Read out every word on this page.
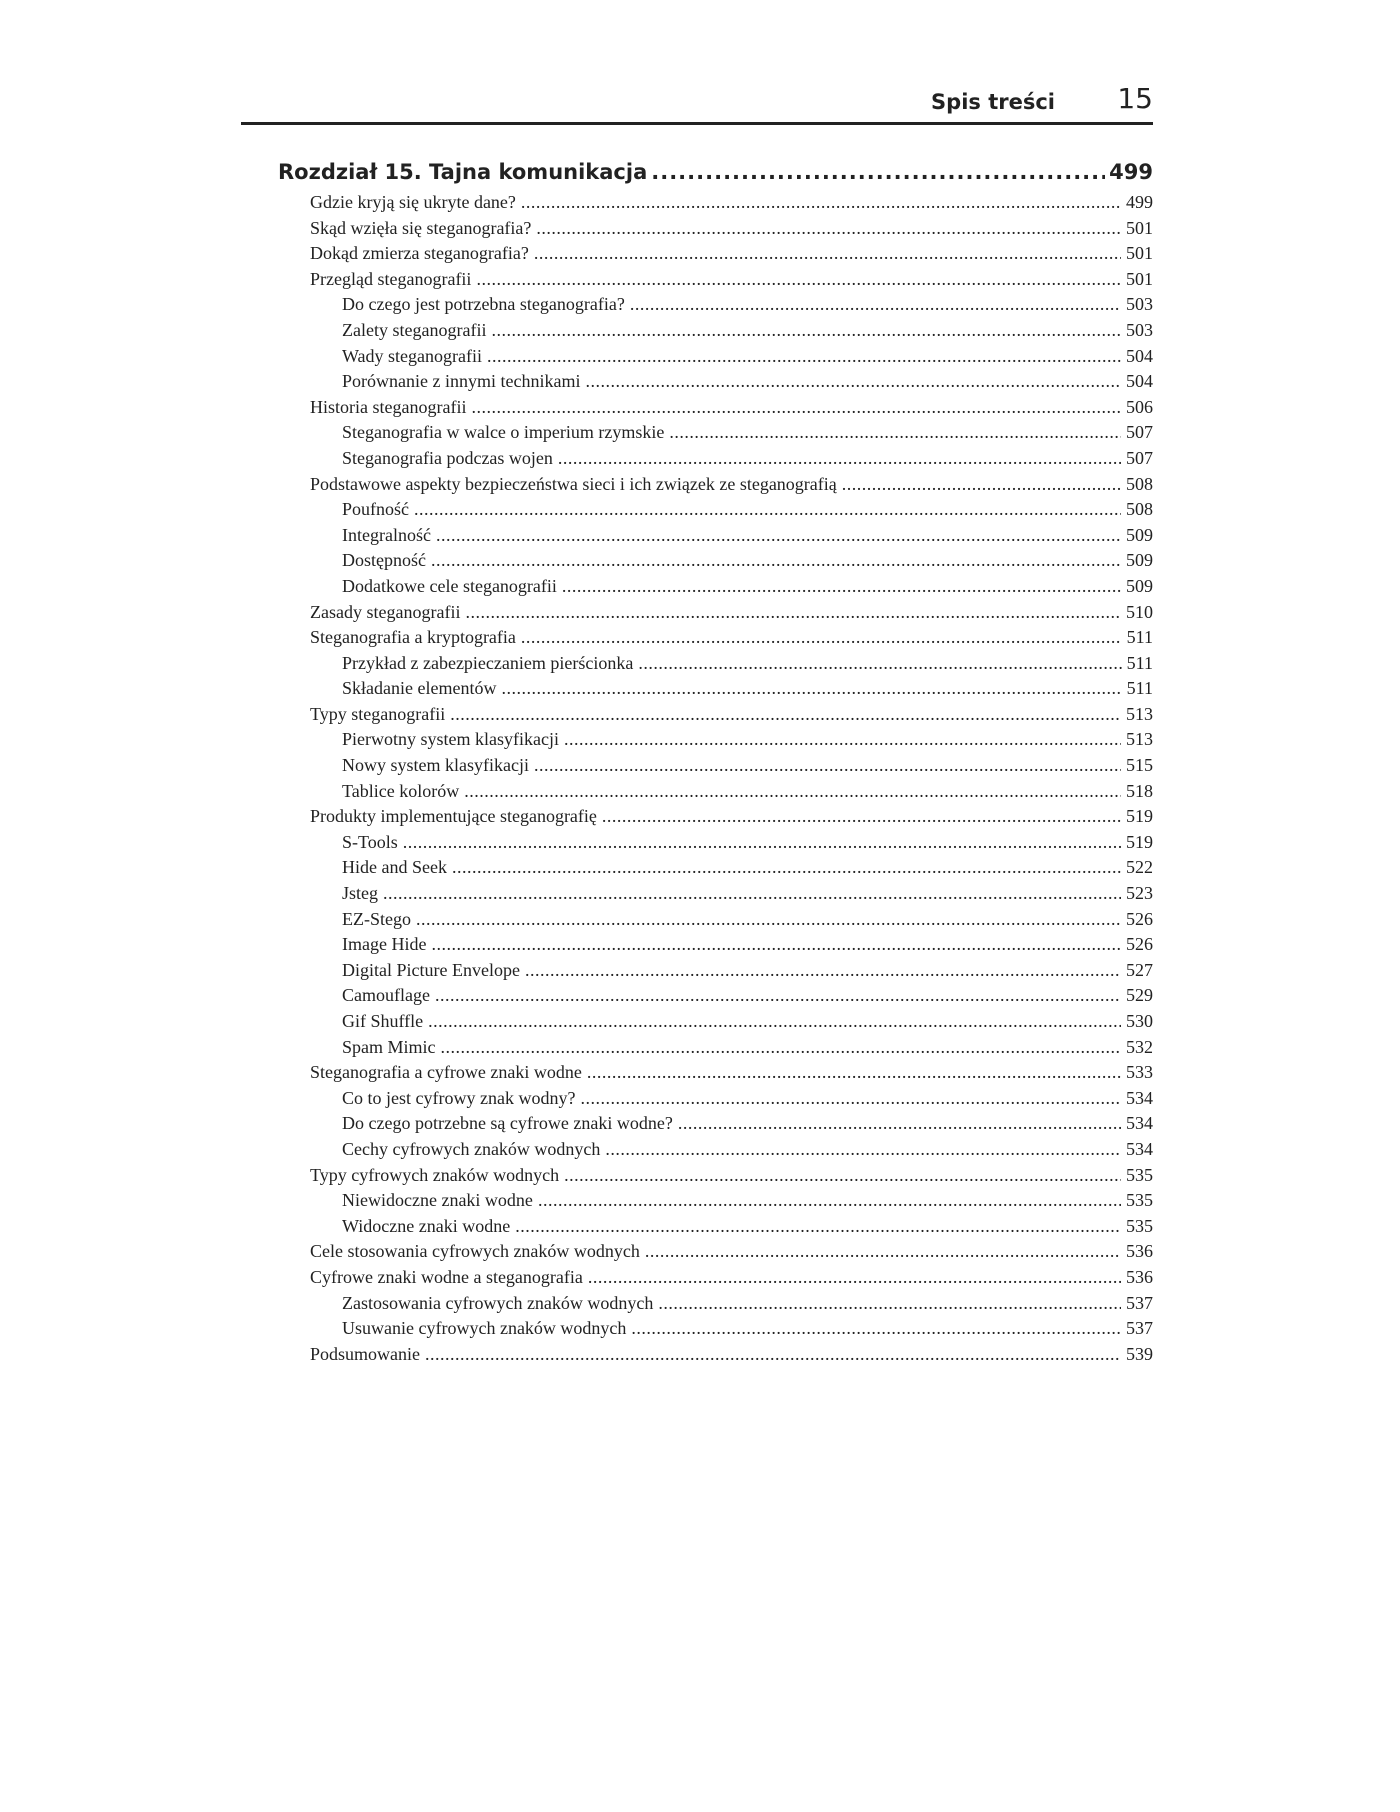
Spis treści 15
Rozdział 15. Tajna komunikacja .....	499
Gdzie kryją się ukryte dane? .....	499
Skąd wzięła się steganografia? .....	501
Dokąd zmierza steganografia? .....	501
Przegląd steganografii .....	501
Do czego jest potrzebna steganografia? .....	503
Zalety steganografii .....	503
Wady steganografii .....	504
Porównanie z innymi technikami .....	504
Historia steganografii .....	506
Steganografia w walce o imperium rzymskie .....	507
Steganografia podczas wojen .....	507
Podstawowe aspekty bezpieczeństwa sieci i ich związek ze steganografią .....	508
Poufność .....	508
Integralność .....	509
Dostępność .....	509
Dodatkowe cele steganografii .....	509
Zasady steganografii .....	510
Steganografia a kryptografia .....	511
Przykład z zabezpieczaniem pierścionka .....	511
Składanie elementów .....	511
Typy steganografii .....	513
Pierwotny system klasyfikacji .....	513
Nowy system klasyfikacji .....	515
Tablice kolorów .....	518
Produkty implementujące steganografię .....	519
S-Tools .....	519
Hide and Seek .....	522
Jsteg .....	523
EZ-Stego .....	526
Image Hide .....	526
Digital Picture Envelope .....	527
Camouflage .....	529
Gif Shuffle .....	530
Spam Mimic .....	532
Steganografia a cyfrowe znaki wodne .....	533
Co to jest cyfrowy znak wodny? .....	534
Do czego potrzebne są cyfrowe znaki wodne? .....	534
Cechy cyfrowych znaków wodnych .....	534
Typy cyfrowych znaków wodnych .....	535
Niewidoczne znaki wodne .....	535
Widoczne znaki wodne .....	535
Cele stosowania cyfrowych znaków wodnych .....	536
Cyfrowe znaki wodne a steganografia .....	536
Zastosowania cyfrowych znaków wodnych .....	537
Usuwanie cyfrowych znaków wodnych .....	537
Podsumowanie .....	539
